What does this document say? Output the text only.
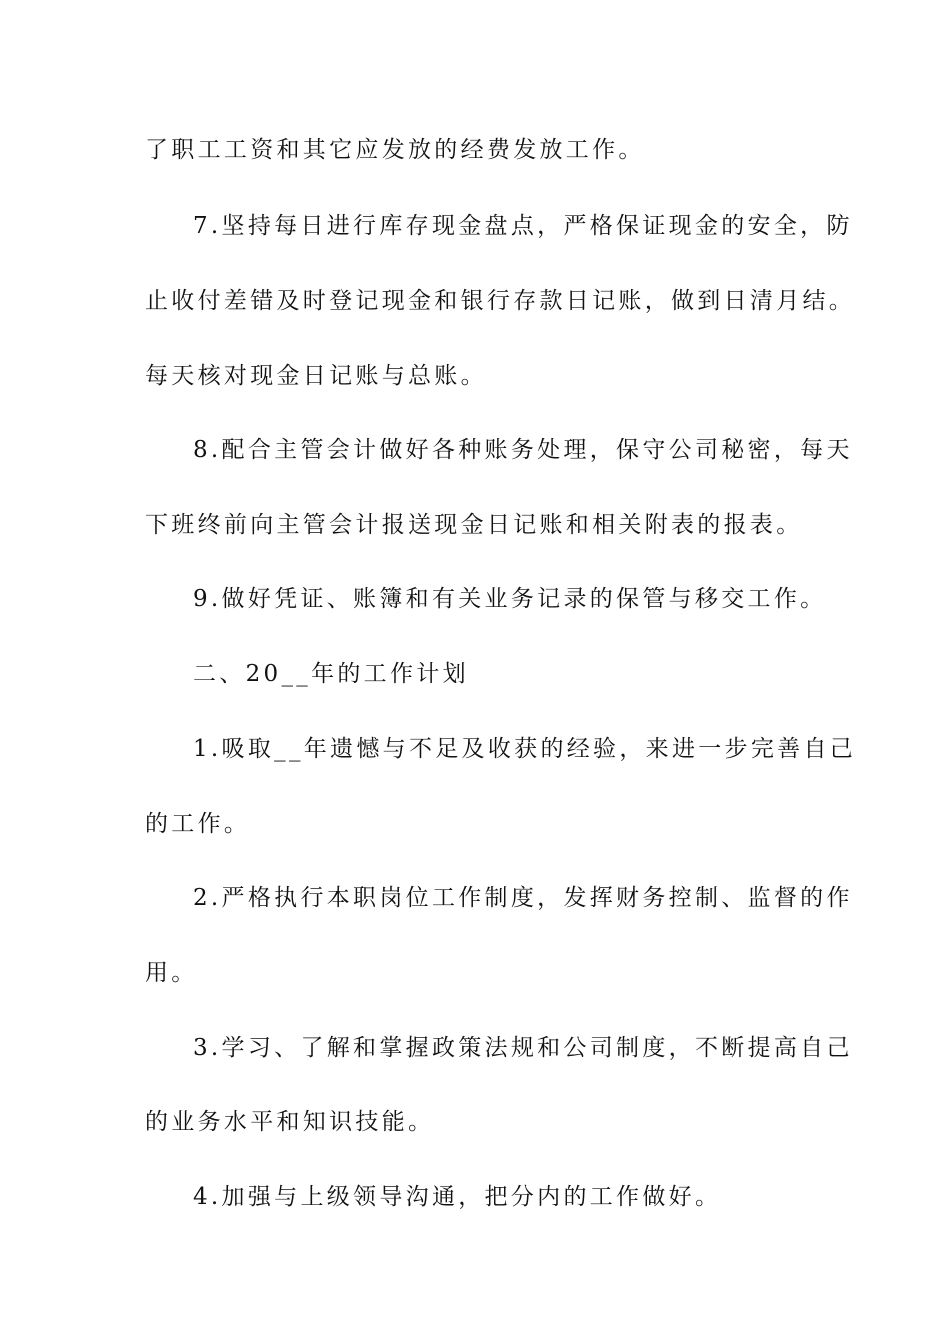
了职工工资和其它应发放的经费发放工作。
7.坚持每日进行库存现金盘点，严格保证现金的安全，防
止收付差错及时登记现金和银行存款日记账，做到日清月结。
每天核对现金日记账与总账。
8.配合主管会计做好各种账务处理，保守公司秘密，每天
下班终前向主管会计报送现金日记账和相关附表的报表。
9.做好凭证、账簿和有关业务记录的保管与移交工作。
二、20__年的工作计划
1.吸取__年遗憾与不足及收获的经验，来进一步完善自己
的工作。
2.严格执行本职岗位工作制度，发挥财务控制、监督的作
用。
3.学习、了解和掌握政策法规和公司制度，不断提高自己
的业务水平和知识技能。
4.加强与上级领导沟通，把分内的工作做好。
